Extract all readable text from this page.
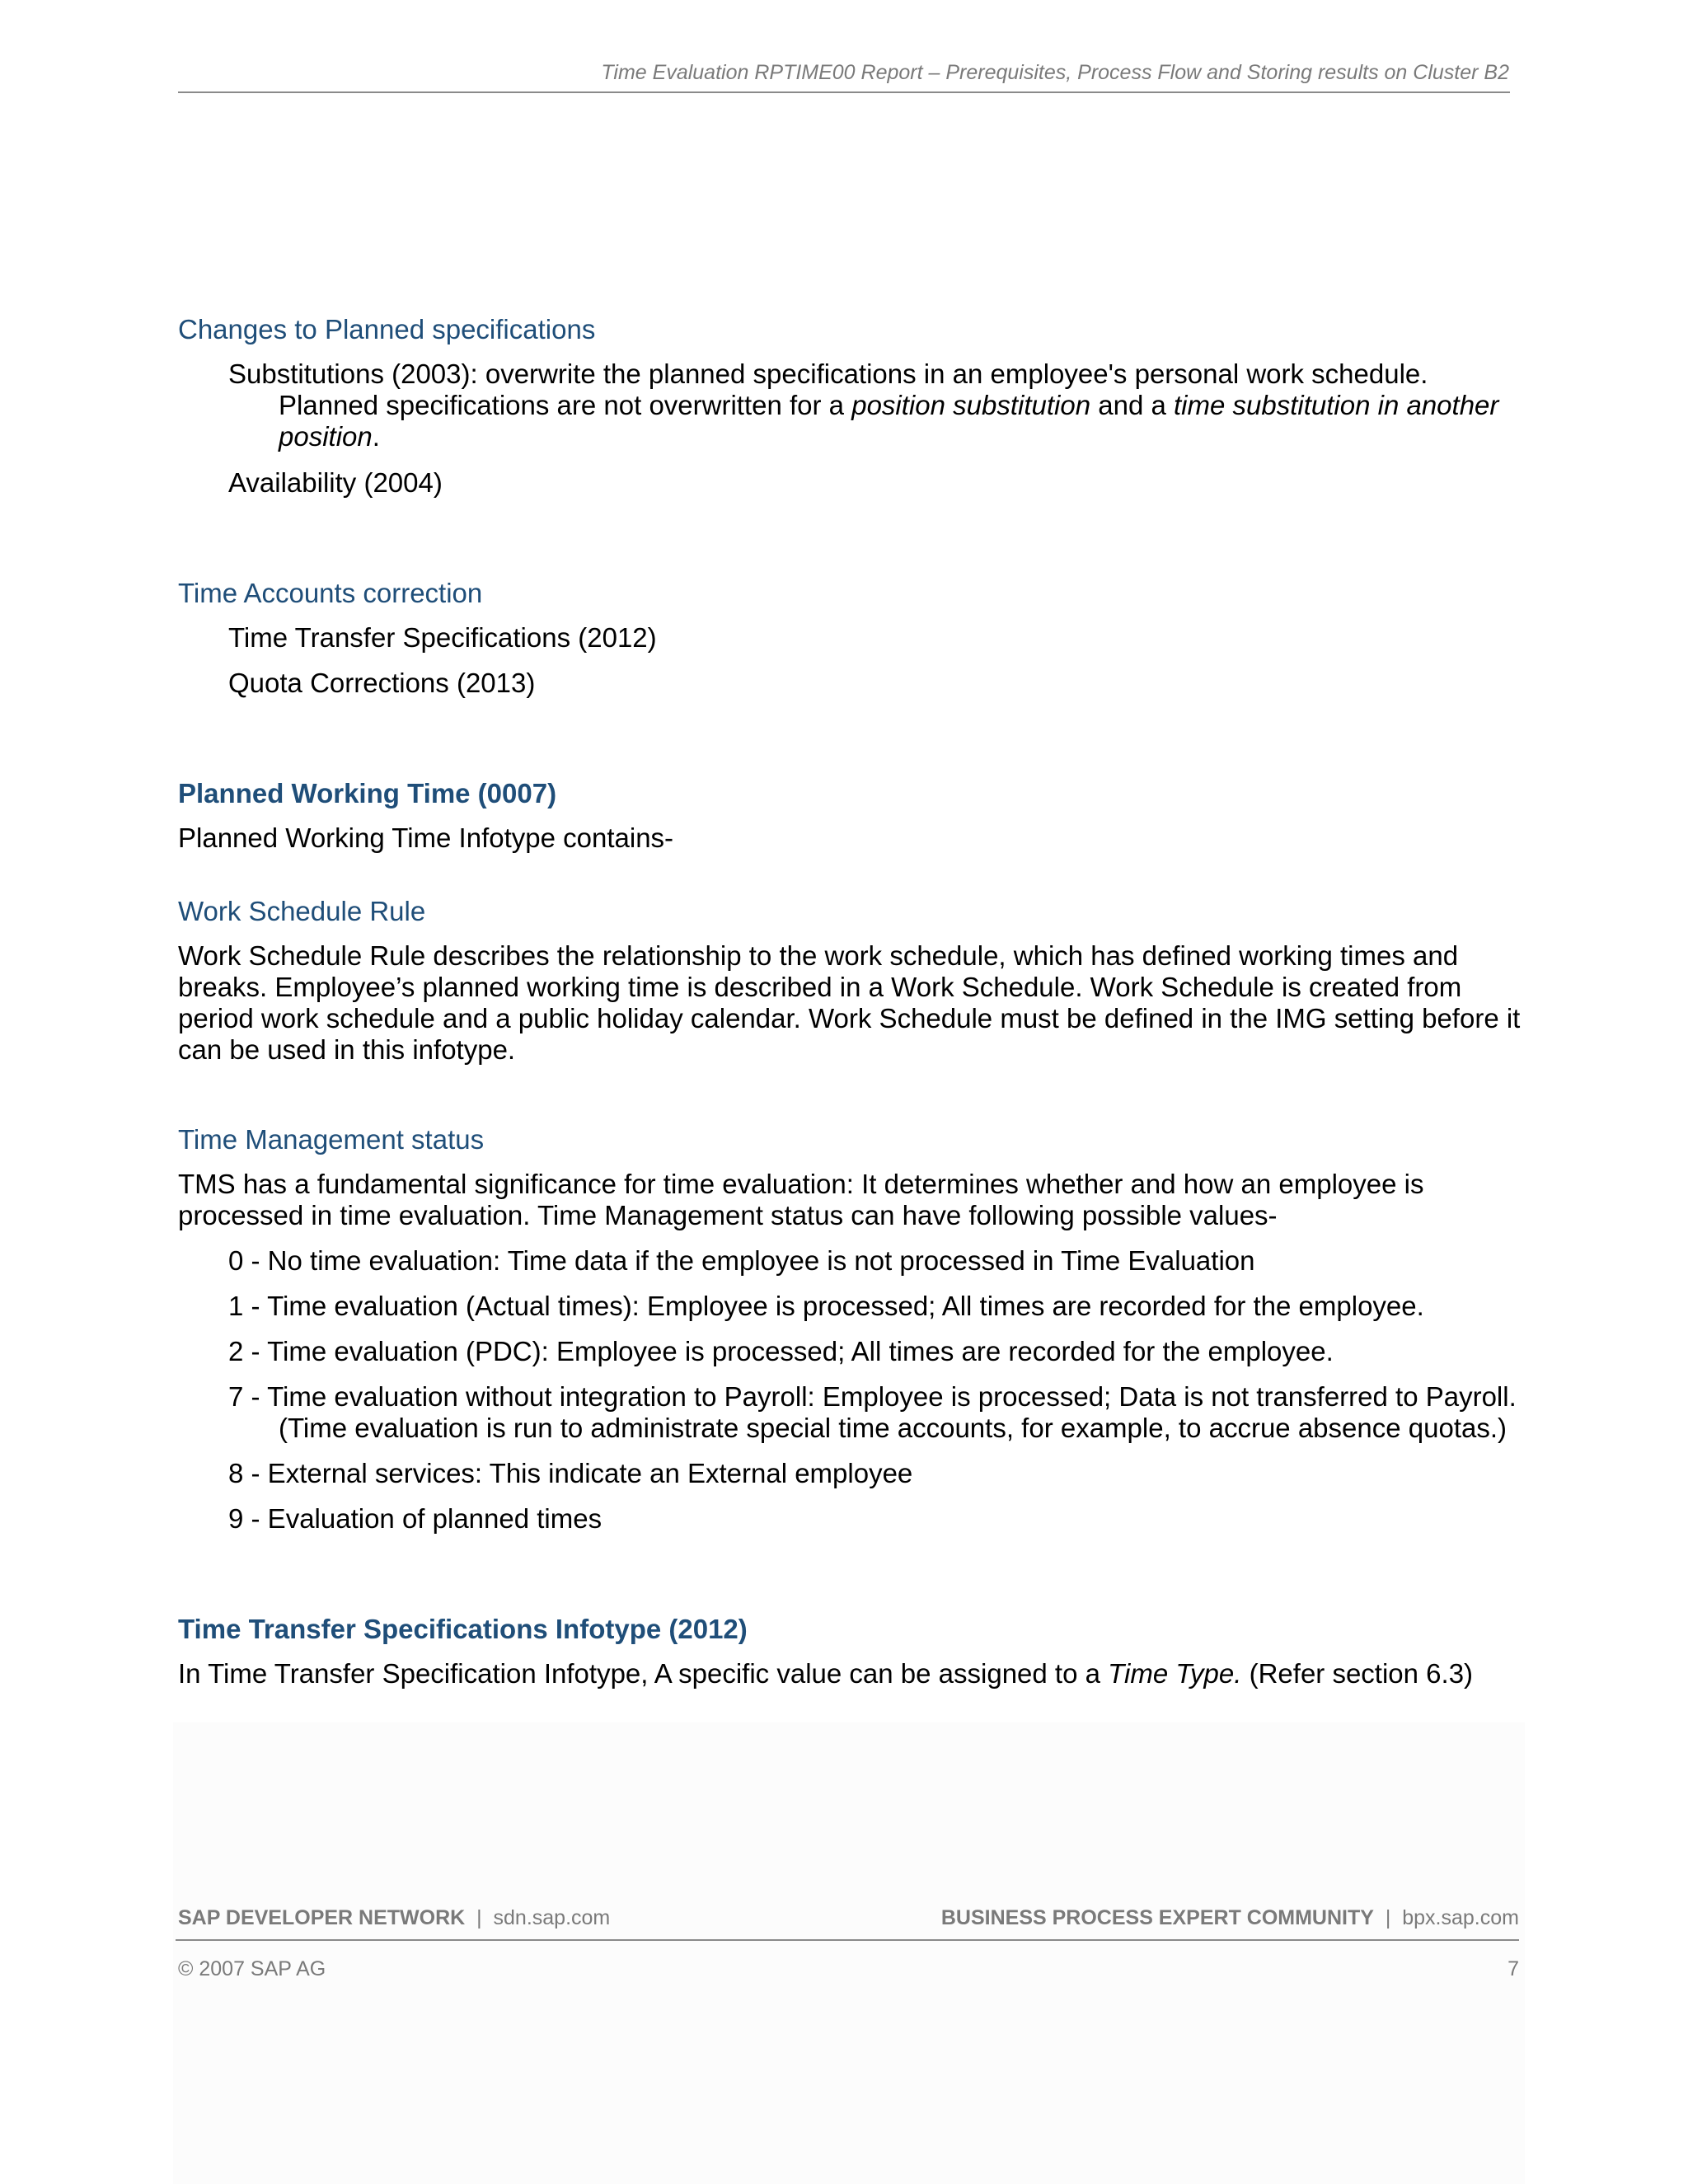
Time Evaluation RPTIME00 Report – Prerequisites, Process Flow and Storing results on Cluster B2

Changes to Planned specifications

Substitutions (2003): overwrite the planned specifications in an employee's personal work schedule. Planned specifications are not overwritten for a position substitution and a time substitution in another position.

Availability (2004)

Time Accounts correction

Time Transfer Specifications (2012)

Quota Corrections (2013)

Planned Working Time (0007)

Planned Working Time Infotype contains-

Work Schedule Rule

Work Schedule Rule describes the relationship to the work schedule, which has defined working times and breaks. Employee’s planned working time is described in a Work Schedule. Work Schedule is created from period work schedule and a public holiday calendar. Work Schedule must be defined in the IMG setting before it can be used in this infotype.

Time Management status

TMS has a fundamental significance for time evaluation: It determines whether and how an employee is processed in time evaluation. Time Management status can have following possible values-

0 - No time evaluation: Time data if the employee is not processed in Time Evaluation

1 - Time evaluation (Actual times): Employee is processed; All times are recorded for the employee.

2 - Time evaluation (PDC): Employee is processed; All times are recorded for the employee.

7 - Time evaluation without integration to Payroll: Employee is processed; Data is not transferred to Payroll. (Time evaluation is run to administrate special time accounts, for example, to accrue absence quotas.)

8 - External services: This indicate an External employee

9 - Evaluation of planned times

Time Transfer Specifications Infotype (2012)

In Time Transfer Specification Infotype, A specific value can be assigned to a Time Type. (Refer section 6.3)

SAP DEVELOPER NETWORK | sdn.sap.com	BUSINESS PROCESS EXPERT COMMUNITY | bpx.sap.com
© 2007 SAP AG	7
